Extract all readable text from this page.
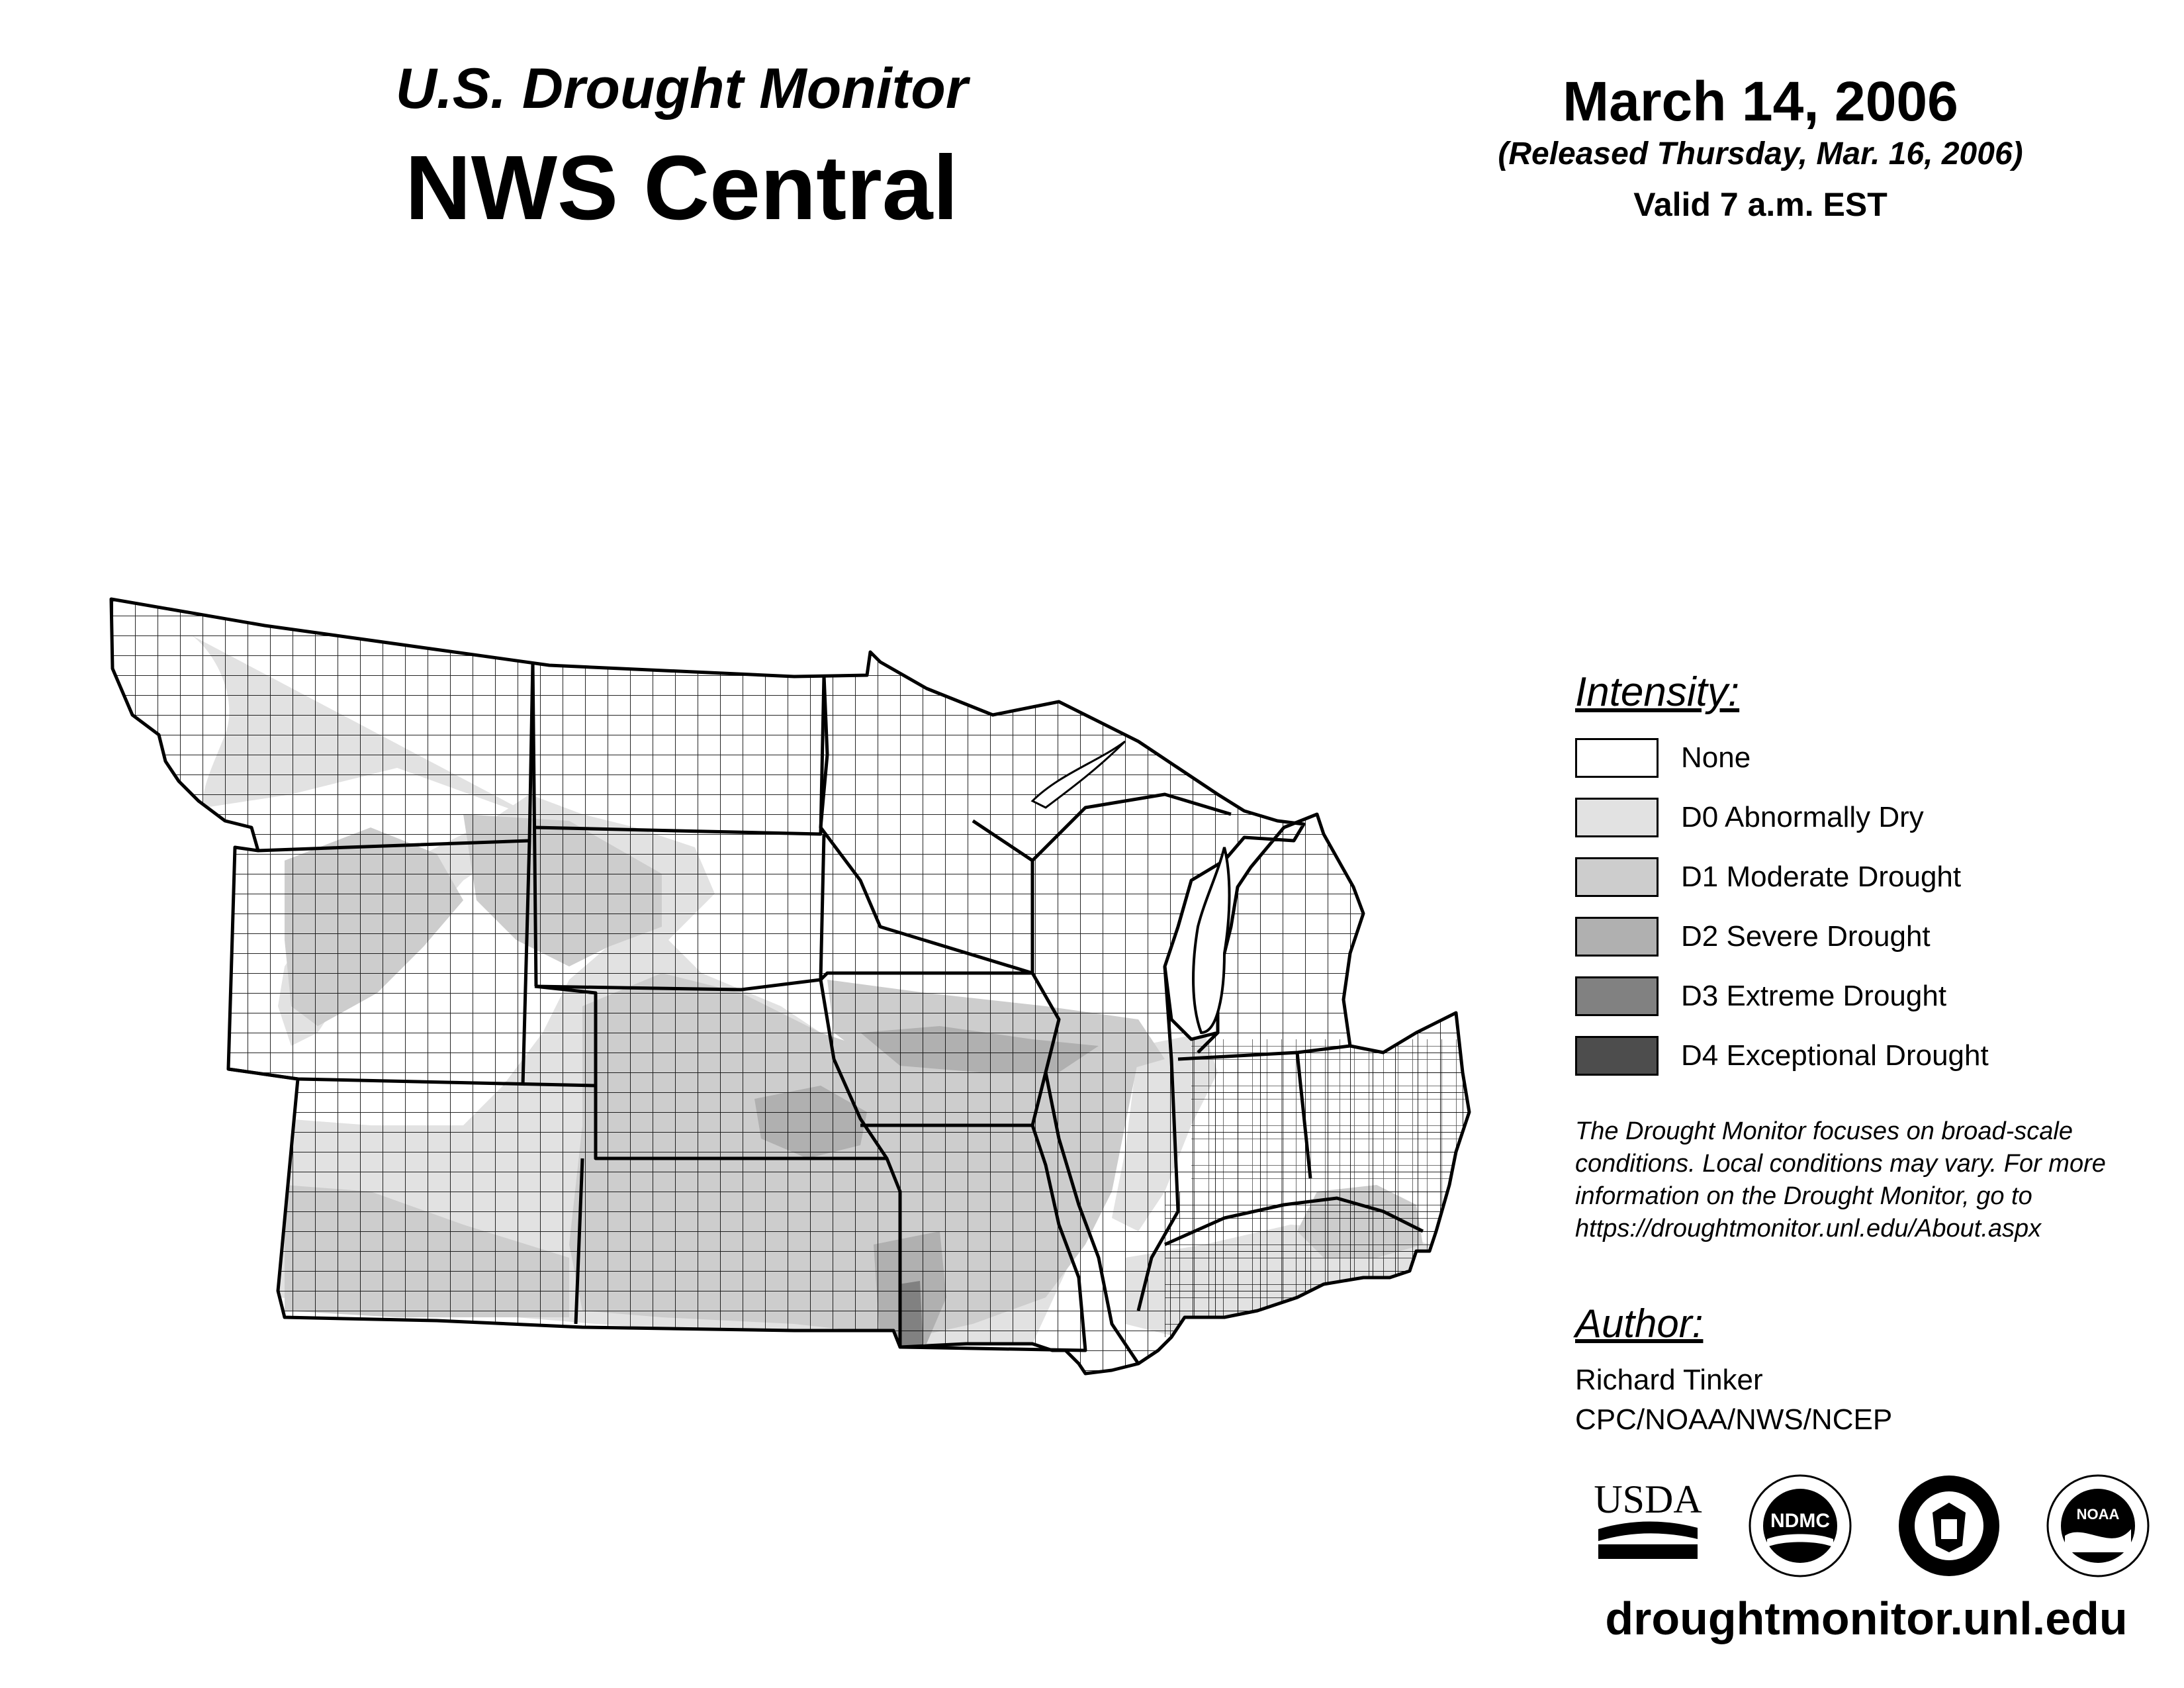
U.S. Drought Monitor
NWS Central
March 14, 2006
(Released Thursday, Mar. 16, 2006)
Valid 7 a.m. EST
Intensity:
None
D0 Abnormally Dry
D1 Moderate Drought
D2 Severe Drought
D3 Extreme Drought
D4 Exceptional Drought
The Drought Monitor focuses on broad-scale
conditions. Local conditions may vary. For more
information on the Drought Monitor, go to
https://droughtmonitor.unl.edu/About.aspx
Author:
Richard Tinker
CPC/NOAA/NWS/NCEP
USDA	NDMC	NOAA
droughtmonitor.unl.edu
